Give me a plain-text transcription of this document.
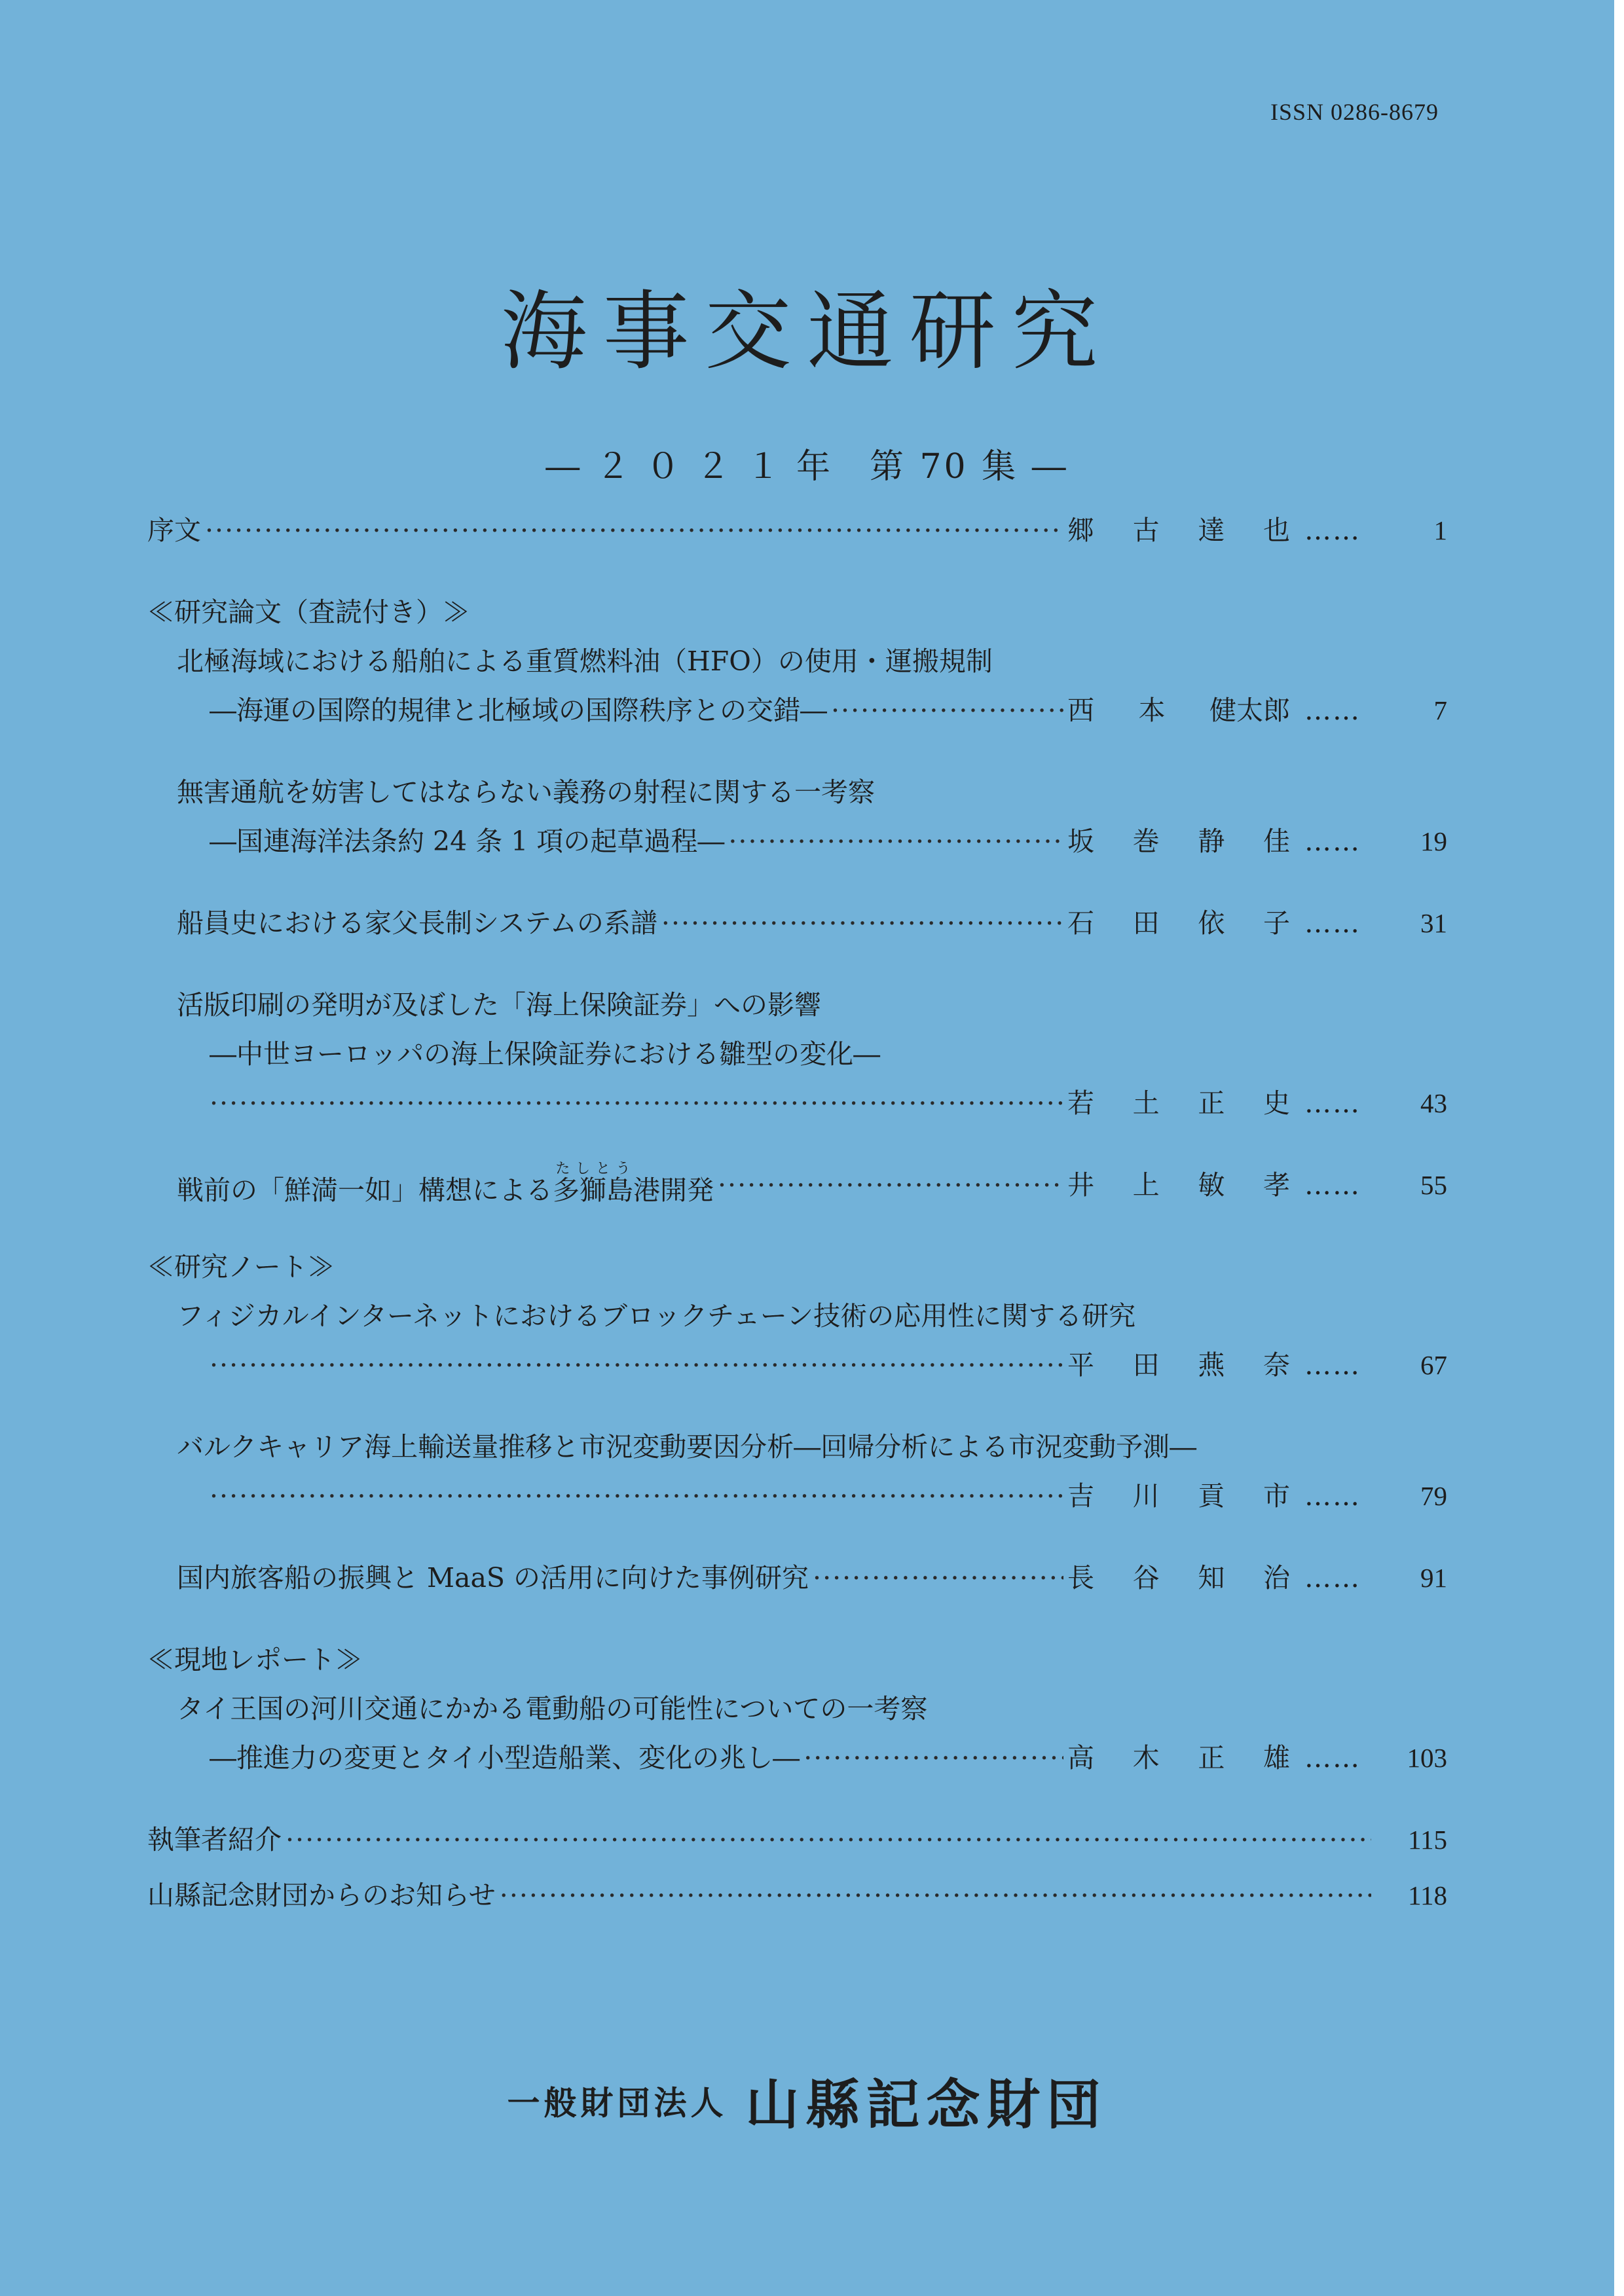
ISSN 0286-8679
海事交通研究
― ２ ０ ２ １ 年　第 70 集 ―
序文 ·····	郷 古 達 也 ……	1
≪研究論文（査読付き）≫
北極海域における船舶による重質燃料油（HFO）の使用・運搬規制
―海運の国際的規律と北極域の国際秩序との交錯― ·····	西 本 健太郎 ……	7
無害通航を妨害してはならない義務の射程に関する一考察
―国連海洋法条約 24 条 1 項の起草過程― ·····	坂 巻 静 佳 ……	19
船員史における家父長制システムの系譜 ·····	石 田 依 子 ……	31
活版印刷の発明が及ぼした「海上保険証券」への影響
―中世ヨーロッパの海上保険証券における雛型の変化―
·····
若 土 正 史 ……	43
戦前の「鮮満一如」構想による多獅島たしとう港開発 ·····	井 上 敏 孝 ……	55
≪研究ノート≫
フィジカルインターネットにおけるブロックチェーン技術の応用性に関する研究
·····
平 田 燕 奈 ……	67
バルクキャリア海上輸送量推移と市況変動要因分析―回帰分析による市況変動予測―
·····
吉 川 貢 市 ……	79
国内旅客船の振興と MaaS の活用に向けた事例研究 ·····	長 谷 知 治 ……	91
≪現地レポート≫
タイ王国の河川交通にかかる電動船の可能性についての一考察
―推進力の変更とタイ小型造船業、変化の兆し― ·····	高 木 正 雄 ……	103
執筆者紹介 ·····	115
山縣記念財団からのお知らせ ·····	118
一般財団法人 山縣記念財団
